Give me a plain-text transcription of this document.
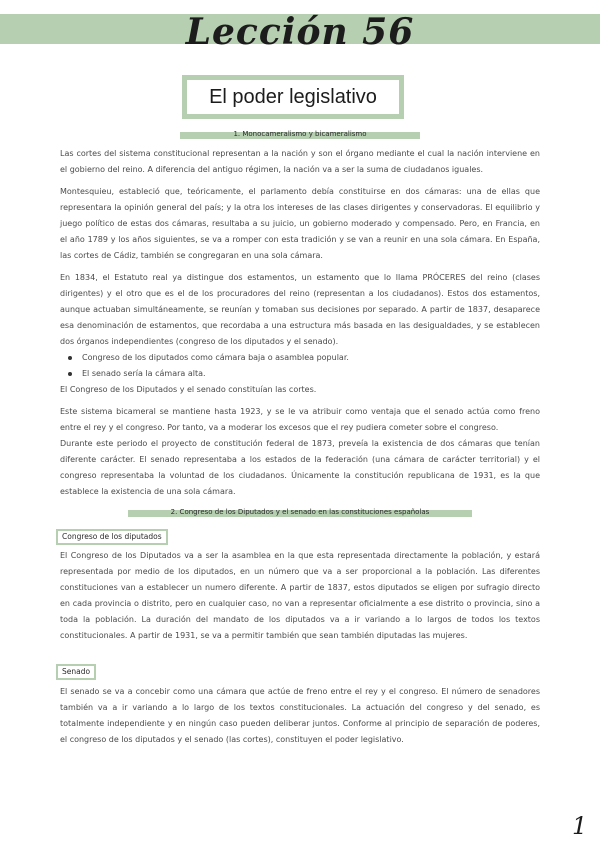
Lección 56
El poder legislativo
1. Monocameralismo y bicameralismo

Las cortes del sistema constitucional representan a la nación y son el órgano mediante el cual la nación interviene en el gobierno del reino. A diferencia del antiguo régimen, la nación va a ser la suma de ciudadanos iguales.

Montesquieu, estableció que, teóricamente, el parlamento debía constituirse en dos cámaras: una de ellas que representara la opinión general del país; y la otra los intereses de las clases dirigentes y conservadoras. El equilibrio y juego político de estas dos cámaras, resultaba a su juicio, un gobierno moderado y compensado. Pero, en Francia, en el año 1789 y los años siguientes, se va a romper con esta tradición y se van a reunir en una sola cámara. En España, las cortes de Cádiz, también se congregaran en una sola cámara.

En 1834, el Estatuto real ya distingue dos estamentos, un estamento que lo llama PRÓCERES del reino (clases dirigentes) y el otro que es el de los procuradores del reino (representan a los ciudadanos). Estos dos estamentos, aunque actuaban simultáneamente, se reunían y tomaban sus decisiones por separado. A partir de 1837, desaparece esa denominación de estamentos, que recordaba a una estructura más basada en las desigualdades, y se establecen dos órganos independientes (congreso de los diputados y el senado).

Congreso de los diputados como cámara baja o asamblea popular.
El senado sería la cámara alta.

El Congreso de los Diputados y el senado constituían las cortes.

Este sistema bicameral se mantiene hasta 1923, y se le va atribuir como ventaja que el senado actúa como freno entre el rey y el congreso. Por tanto, va a moderar los excesos que el rey pudiera cometer sobre el congreso.

Durante este periodo el proyecto de constitución federal de 1873, preveía la existencia de dos cámaras que tenían diferente carácter. El senado representaba a los estados de la federación (una cámara de carácter territorial) y el congreso representaba la voluntad de los ciudadanos. Únicamente la constitución republicana de 1931, es la que establece la existencia de una sola cámara.

2. Congreso de los Diputados y el senado en las constituciones españolas
Congreso de los diputados

El Congreso de los Diputados va a ser la asamblea en la que esta representada directamente la población, y estará representada por medio de los diputados, en un número que va a ser proporcional a la población. Las diferentes constituciones van a establecer un numero diferente. A partir de 1837, estos diputados se eligen por sufragio directo en cada provincia o distrito, pero en cualquier caso, no van a representar oficialmente a ese distrito o provincia, sino a toda la población. La duración del mandato de los diputados va a ir variando a lo largos de todos los textos constitucionales. A partir de 1931, se va a permitir también que sean también diputadas las mujeres.

Senado

El senado se va a concebir como una cámara que actúe de freno entre el rey y el congreso. El número de senadores también va a ir variando a lo largo de los textos constitucionales. La actuación del congreso y del senado, es totalmente independiente y en ningún caso pueden deliberar juntos. Conforme al principio de separación de poderes, el congreso de los diputados y el senado (las cortes), constituyen el poder legislativo.

1
